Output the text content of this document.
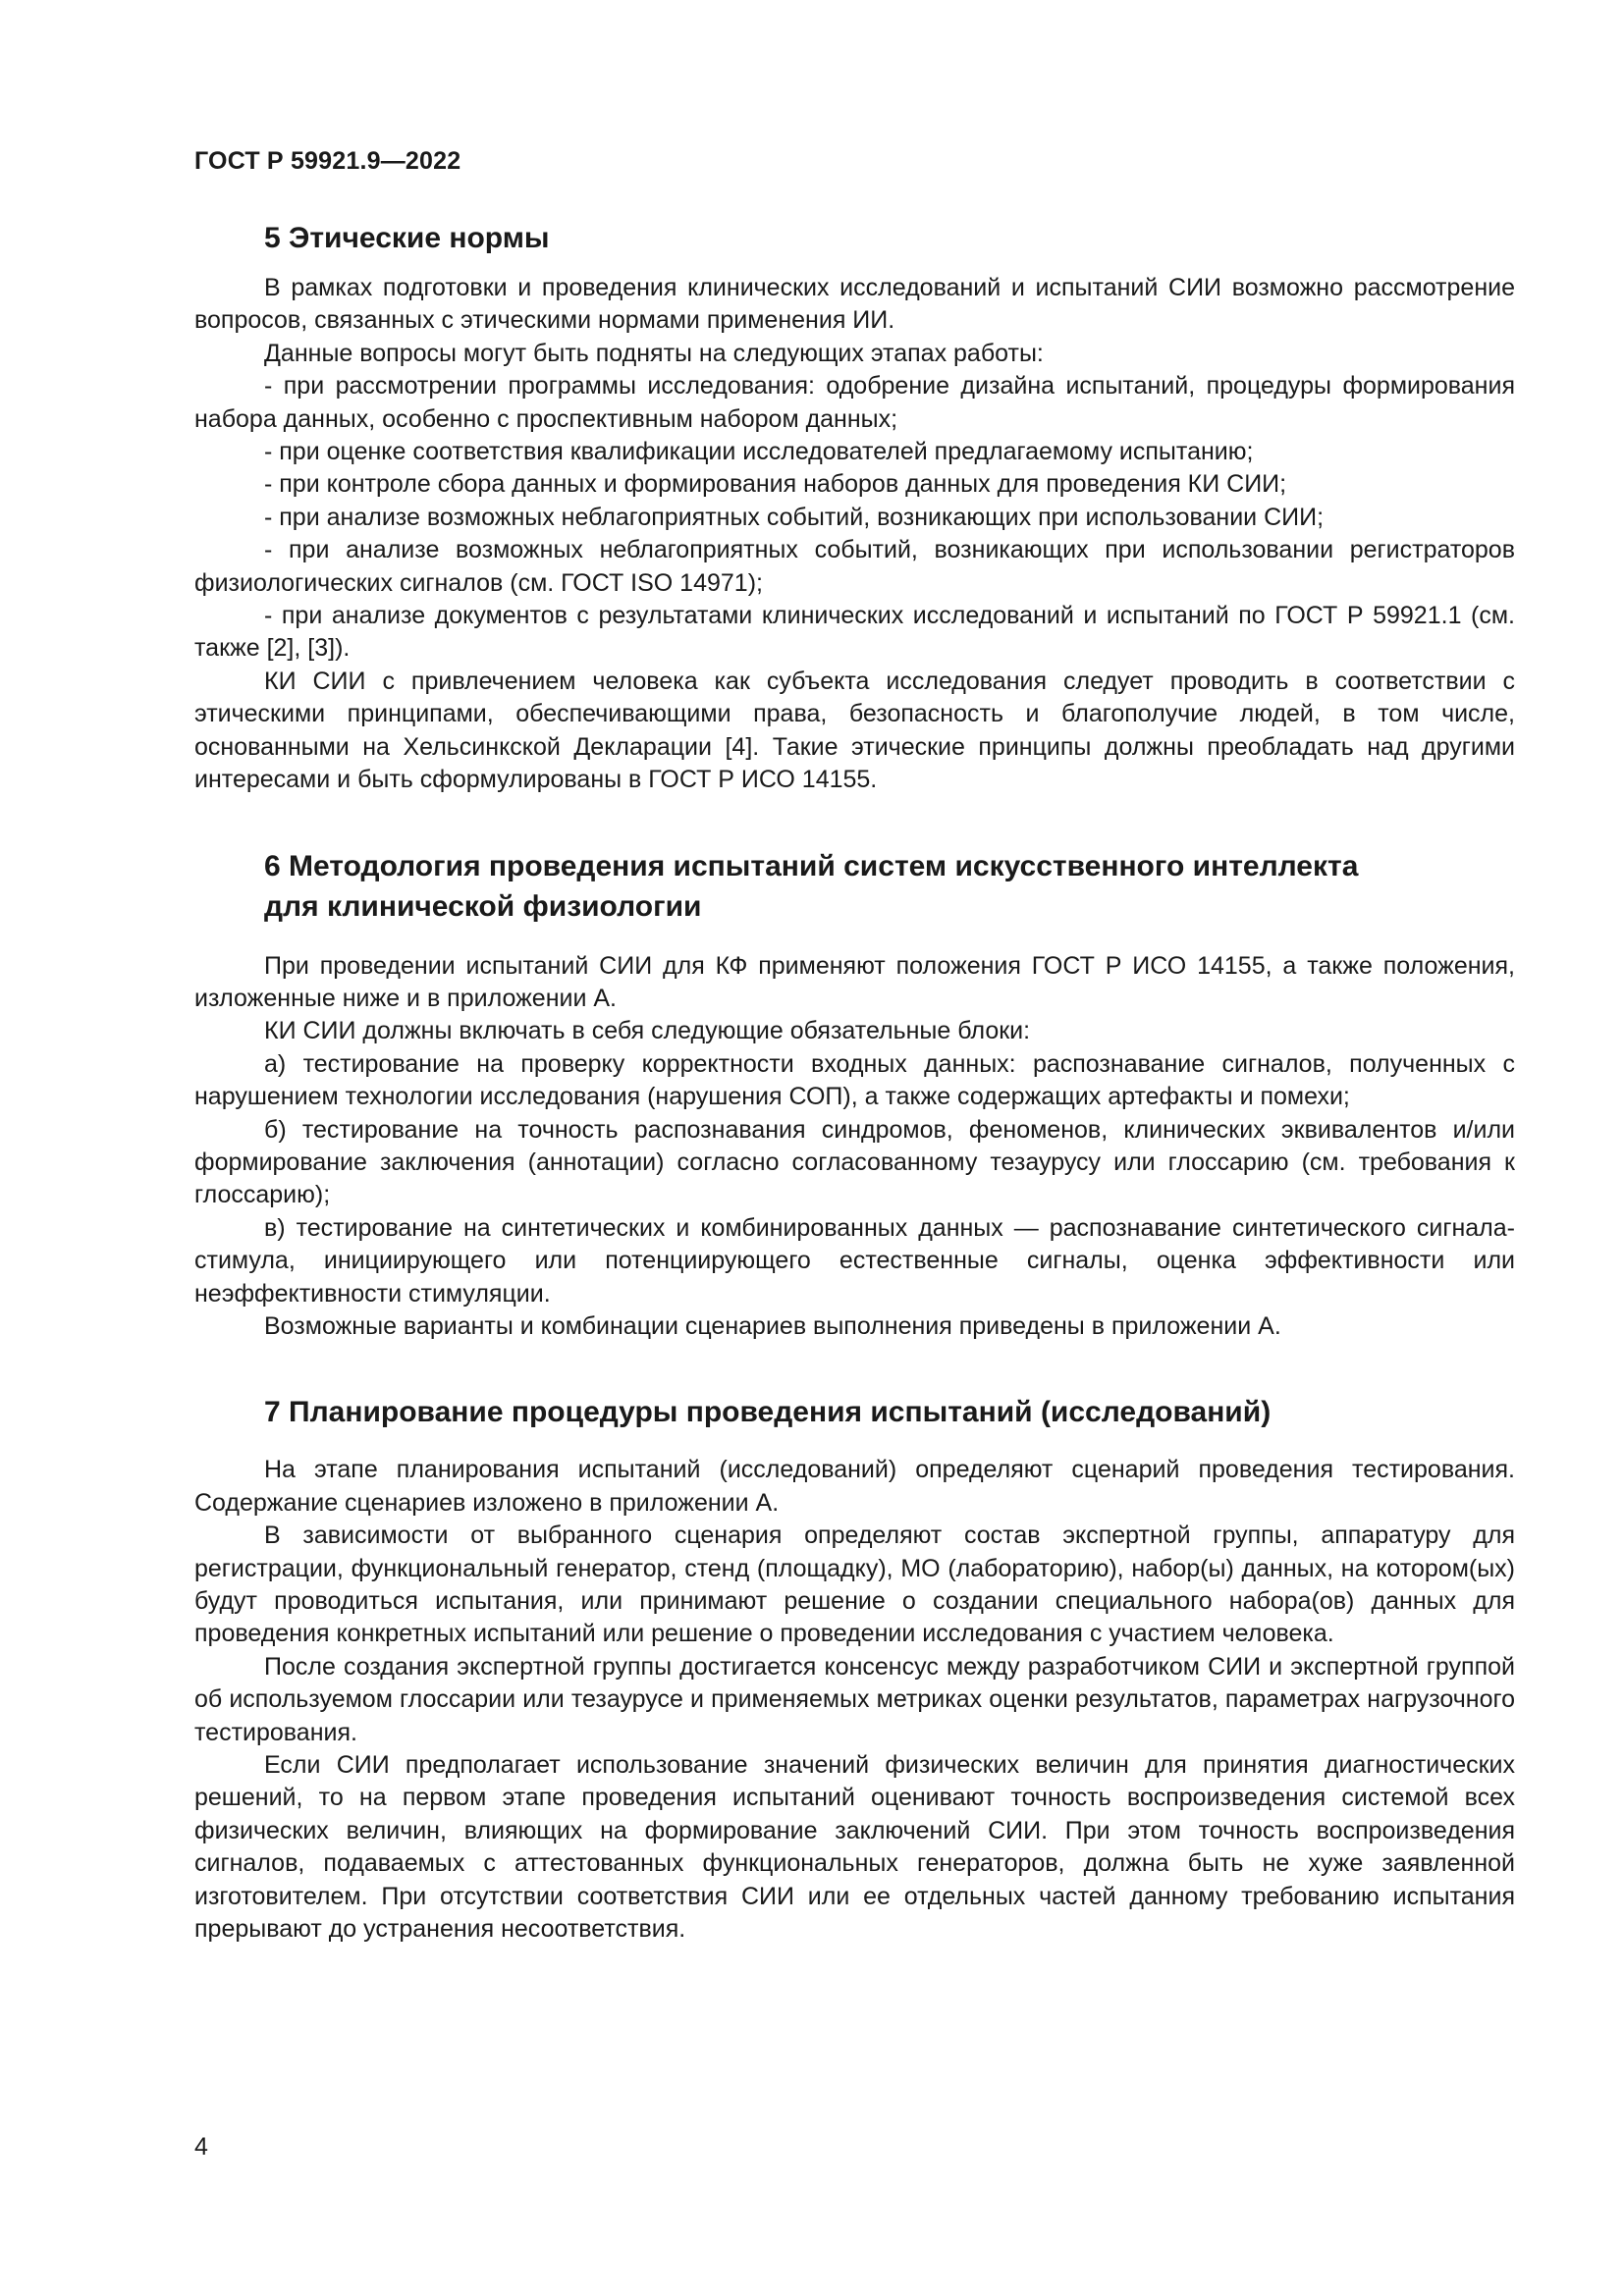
ГОСТ Р 59921.9—2022
5 Этические нормы

В рамках подготовки и проведения клинических исследований и испытаний СИИ возможно рассмотрение вопросов, связанных с этическими нормами применения ИИ.

Данные вопросы могут быть подняты на следующих этапах работы:

- при рассмотрении программы исследования: одобрение дизайна испытаний, процедуры формирования набора данных, особенно с проспективным набором данных;

- при оценке соответствия квалификации исследователей предлагаемому испытанию;

- при контроле сбора данных и формирования наборов данных для проведения КИ СИИ;

- при анализе возможных неблагоприятных событий, возникающих при использовании СИИ;

- при анализе возможных неблагоприятных событий, возникающих при использовании регистраторов физиологических сигналов (см. ГОСТ ISO 14971);

- при анализе документов с результатами клинических исследований и испытаний по ГОСТ Р 59921.1 (см. также [2], [3]).

КИ СИИ с привлечением человека как субъекта исследования следует проводить в соответствии с этическими принципами, обеспечивающими права, безопасность и благополучие людей, в том числе, основанными на Хельсинкской Декларации [4]. Такие этические принципы должны преобладать над другими интересами и быть сформулированы в ГОСТ Р ИСО 14155.

6 Методология проведения испытаний систем искусственного интеллекта
для клинической физиологии

При проведении испытаний СИИ для КФ применяют положения ГОСТ Р ИСО 14155, а также положения, изложенные ниже и в приложении А.

КИ СИИ должны включать в себя следующие обязательные блоки:

а) тестирование на проверку корректности входных данных: распознавание сигналов, полученных с нарушением технологии исследования (нарушения СОП), а также содержащих артефакты и помехи;

б) тестирование на точность распознавания синдромов, феноменов, клинических эквивалентов и/или формирование заключения (аннотации) согласно согласованному тезаурусу или глоссарию (см. требования к глоссарию);

в) тестирование на синтетических и комбинированных данных — распознавание синтетического сигнала-стимула, инициирующего или потенциирующего естественные сигналы, оценка эффективности или неэффективности стимуляции.

Возможные варианты и комбинации сценариев выполнения приведены в приложении А.

7 Планирование процедуры проведения испытаний (исследований)

На этапе планирования испытаний (исследований) определяют сценарий проведения тестирования. Содержание сценариев изложено в приложении А.

В зависимости от выбранного сценария определяют состав экспертной группы, аппаратуру для регистрации, функциональный генератор, стенд (площадку), МО (лабораторию), набор(ы) данных, на котором(ых) будут проводиться испытания, или принимают решение о создании специального набора(ов) данных для проведения конкретных испытаний или решение о проведении исследования с участием человека.

После создания экспертной группы достигается консенсус между разработчиком СИИ и экспертной группой об используемом глоссарии или тезаурусе и применяемых метриках оценки результатов, параметрах нагрузочного тестирования.

Если СИИ предполагает использование значений физических величин для принятия диагностических решений, то на первом этапе проведения испытаний оценивают точность воспроизведения системой всех физических величин, влияющих на формирование заключений СИИ. При этом точность воспроизведения сигналов, подаваемых с аттестованных функциональных генераторов, должна быть не хуже заявленной изготовителем. При отсутствии соответствия СИИ или ее отдельных частей данному требованию испытания прерывают до устранения несоответствия.

4
